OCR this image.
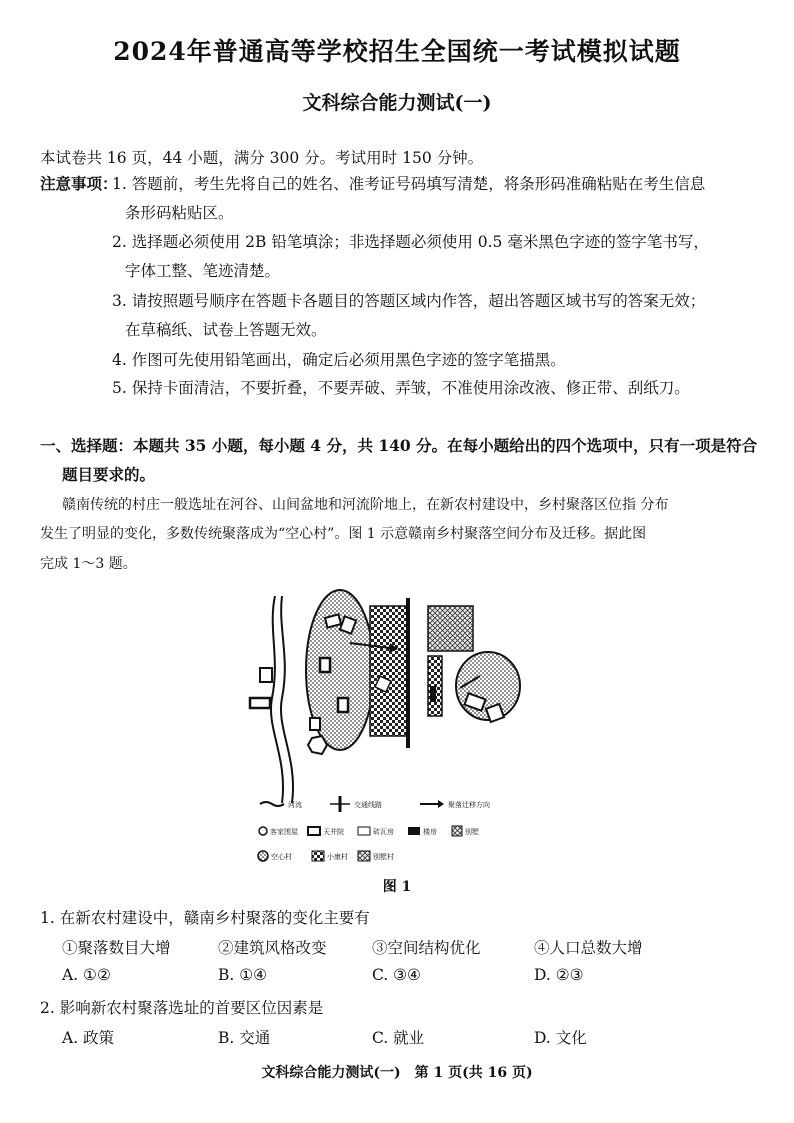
2024年普通高等学校招生全国统一考试模拟试题
文科综合能力测试(一)
本试卷共 16 页，44 小题，满分 300 分。考试用时 150 分钟。
注意事项：
1. 答题前，考生先将自己的姓名、准考证号码填写清楚，将条形码准确粘贴在考生信息
条形码粘贴区。
2. 选择题必须使用 2B 铅笔填涂；非选择题必须使用 0.5 毫米黑色字迹的签字笔书写，
字体工整、笔迹清楚。
3. 请按照题号顺序在答题卡各题目的答题区域内作答，超出答题区域书写的答案无效；
在草稿纸、试卷上答题无效。
4. 作图可先使用铅笔画出，确定后必须用黑色字迹的签字笔描黑。
5. 保持卡面清洁，不要折叠，不要弄破、弄皱，不准使用涂改液、修正带、刮纸刀。
一、选择题：本题共 35 小题，每小题 4 分，共 140 分。在每小题给出的四个选项中，只有一项是符合
题目要求的。
赣南传统的村庄一般选址在河谷、山间盆地和河流阶地上，在新农村建设中，乡村聚落区位指 分布
发生了明显的变化，多数传统聚落成为“空心村”。图 1 示意赣南乡村聚落空间分布及迁移。据此图
完成 1～3 题。
河流	交通线路	聚落迁移方向
客家围屋	天井院	砖瓦房	楼房	别墅
空心村	小康村	别墅村
图 1
1. 在新农村建设中，赣南乡村聚落的变化主要有
①聚落数目大增	②建筑风格改变	③空间结构优化	④人口总数大增
A. ①②	B. ①④	C. ③④	D. ②③
2. 影响新农村聚落选址的首要区位因素是
A. 政策	B. 交通	C. 就业	D. 文化
文科综合能力测试(一)　第 1 页(共 16 页)
